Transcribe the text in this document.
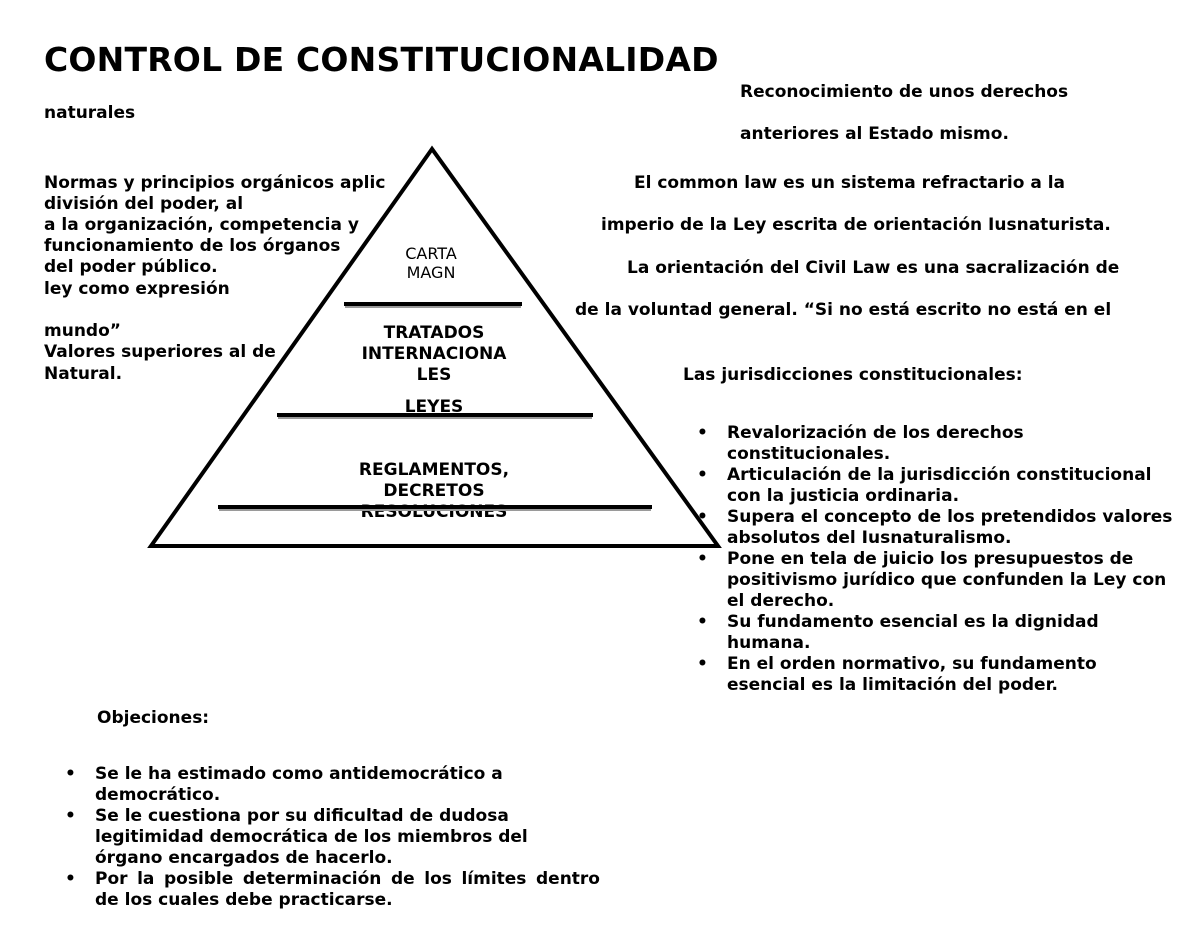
CONTROL DE CONSTITUCIONALIDAD
naturales
Normas y principios orgánicos aplic
división del poder, al
a la organización, competencia y
funcionamiento de los órganos
del poder público.
ley como expresión
mundo”
Valores superiores al de
Natural.
Reconocimiento de unos derechos
anteriores al Estado mismo.
El common law es un sistema refractario a la
imperio de la Ley escrita de orientación Iusnaturista.
La orientación del Civil Law es una sacralización de
de la voluntad general. “Si no está escrito no está en el
Las jurisdicciones constitucionales:
• Revalorización de los derechos constitucionales.
• Articulación de la jurisdicción constitucional con la justicia ordinaria.
• Supera el concepto de los pretendidos valores absolutos del Iusnaturalismo.
• Pone en tela de juicio los presupuestos de positivismo jurídico que confunden la Ley con el derecho.
• Su fundamento esencial es la dignidad humana.
• En el orden normativo, su fundamento esencial es la limitación del poder.
CARTA
MAGN
TRATADOS
INTERNACIONA
LES
LEYES
REGLAMENTOS,
DECRETOS
RESOLUCIONES
Objeciones:
• Se le ha estimado como antidemocrático a democrático.
• Se le cuestiona por su dificultad de dudosa legitimidad democrática de los miembros del órgano encargados de hacerlo.
• Por la posible determinación de los límites dentro de los cuales debe practicarse.
